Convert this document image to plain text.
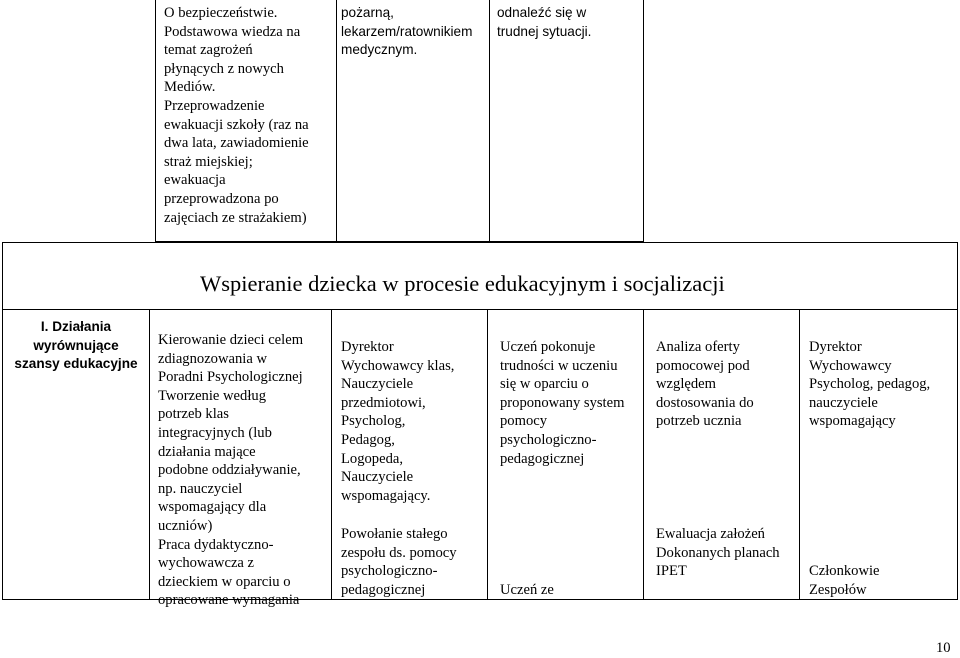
O bezpieczeństwie.
Podstawowa wiedza na
temat zagrożeń
płynących z nowych
Mediów.
Przeprowadzenie
ewakuacji szkoły (raz na
dwa lata, zawiadomienie
straż miejskiej;
ewakuacja
przeprowadzona po
zajęciach ze strażakiem)
pożarną,
lekarzem/ratownikiem
medycznym.
odnaleźć się w
trudnej sytuacji.
Wspieranie dziecka w procesie edukacyjnym i socjalizacji
I. Działania
wyrównujące
szansy edukacyjne
Kierowanie dzieci celem
zdiagnozowania w
Poradni Psychologicznej
Tworzenie według
potrzeb klas
integracyjnych (lub
działania mające
podobne oddziaływanie,
np. nauczyciel
wspomagający dla
uczniów)
Praca dydaktyczno-
wychowawcza z
dzieckiem w oparciu o
opracowane wymagania
Dyrektor
Wychowawcy klas,
Nauczyciele
przedmiotowi,
Psycholog,
Pedagog,
Logopeda,
Nauczyciele
wspomagający.
Powołanie stałego
zespołu ds. pomocy
psychologiczno-
pedagogicznej
Uczeń pokonuje
trudności w uczeniu
się w oparciu o
proponowany system
pomocy
psychologiczno-
pedagogicznej
Uczeń ze
Analiza oferty
pomocowej pod
względem
dostosowania do
potrzeb ucznia
Ewaluacja założeń
Dokonanych planach
IPET
Dyrektor
Wychowawcy
Psycholog, pedagog,
nauczyciele
wspomagający
Członkowie
Zespołów
10
